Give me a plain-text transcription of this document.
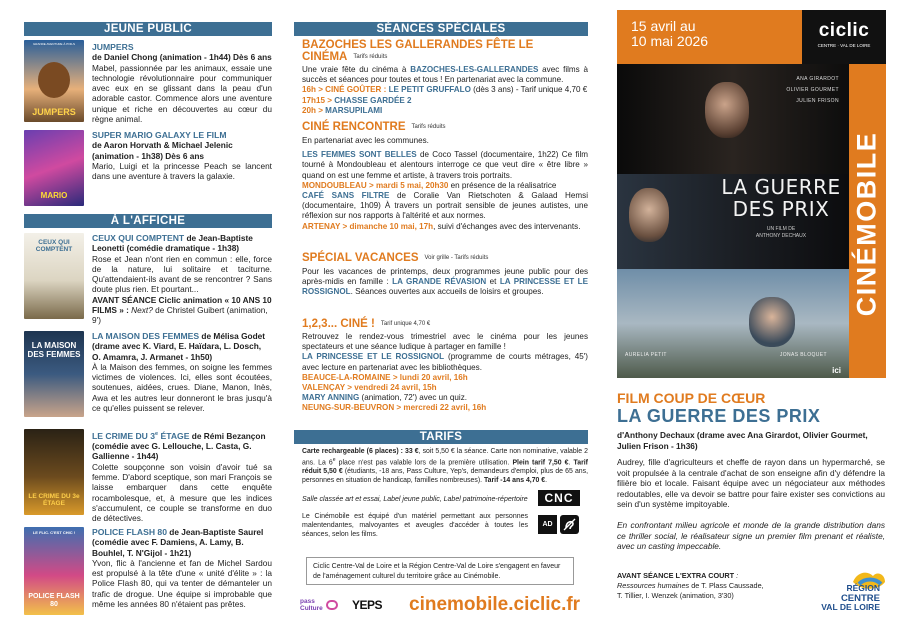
JEUNE PUBLIC
GRANDE AVENTURE À POILS
JUMPERS
JUMPERS
de Daniel Chong (animation - 1h44) Dès 6 ans
Mabel, passionnée par les animaux, essaie une technologie révolutionnaire pour communiquer avec eux en se glissant dans la peau d'un adorable castor. Commence alors une aventure unique et riche en découvertes au cœur du règne animal.
MARIO
SUPER MARIO GALAXY LE FILM
de Aaron Horvath & Michael Jelenic (animation - 1h38) Dès 6 ans
Mario, Luigi et la princesse Peach se lancent dans une aventure à travers la galaxie.
À L'AFFICHE
CEUX QUI COMPTENT
CEUX QUI COMPTENT de Jean-Baptiste Leonetti (comédie dramatique - 1h38)
Rose et Jean n'ont rien en commun : elle, force de la nature, lui solitaire et taciturne. Qu'attendaient-ils avant de se rencontrer ? Sans doute plus rien. Et pourtant...
AVANT SÉANCE Ciclic animation « 10 ANS 10 FILMS » : Next? de Christel Guibert (animation, 9')
LA MAISON DES FEMMES
LA MAISON DES FEMMES de Mélisa Godet (drame avec K. Viard, E. Haïdara, L. Dosch, O. Amamra, J. Armanet - 1h50)
À la Maison des femmes, on soigne les femmes victimes de violences. Ici, elles sont écoutées, soutenues, aidées, crues. Diane, Manon, Inès, Awa et les autres leur donneront le bras jusqu'à ce qu'elles puissent se relever.
LE CRIME DU 3e ÉTAGE
LE CRIME DU 3e ÉTAGE de Rémi Bezançon (comédie avec G. Lellouche, L. Casta, G. Gallienne - 1h44)
Colette soupçonne son voisin d'avoir tué sa femme. D'abord sceptique, son mari François se laisse embarquer dans cette enquête rocambolesque, et, à mesure que les indices s'accumulent, ce couple se transforme en duo de détectives.
LE FLIC. C'EST CHIC !
POLICE FLASH 80
POLICE FLASH 80 de Jean-Baptiste Saurel (comédie avec F. Damiens, A. Lamy, B. Bouhlel, T. N'Gijol - 1h21)
Yvon, flic à l'ancienne et fan de Michel Sardou est propulsé à la tête d'une « unité d'élite » : la Police Flash 80, qui va tenter de démanteler un trafic de drogue. Une équipe si improbable que même les années 80 n'étaient pas prêtes.
SÉANCES SPÉCIALES
BAZOCHES LES GALLERANDES FÊTE LE CINÉMA Tarifs réduits
Une vraie fête du cinéma à BAZOCHES-LES-GALLERANDES avec films à succès et séances pour toutes et tous ! En partenariat avec la commune.
16h > CINÉ GOÛTER : LE PETIT GRUFFALO (dès 3 ans) - Tarif unique 4,70 €
17h15 > CHASSE GARDÉE 2
20h > MARSUPILAMI
CINÉ RENCONTRE Tarifs réduits
En partenariat avec les communes.
LES FEMMES SONT BELLES de Coco Tassel (documentaire, 1h22) Ce film tourné à Mondoubleau et alentours interroge ce que veut dire « être libre » quand on est une femme et artiste, à travers trois portraits.
MONDOUBLEAU > mardi 5 mai, 20h30 en présence de la réalisatrice
CAFÉ SANS FILTRE de Coralie Van Rietschoten & Galaad Hemsi (documentaire, 1h09) À travers un portrait sensible de jeunes autistes, une réflexion sur nos rapports à l'altérité et aux normes.
ARTENAY > dimanche 10 mai, 17h, suivi d'échanges avec des intervenants.
SPÉCIAL VACANCES Voir grille - Tarifs réduits
Pour les vacances de printemps, deux programmes jeune public pour des après-midis en famille : LA GRANDE RÉVASION et LA PRINCESSE ET LE ROSSIGNOL. Séances ouvertes aux accueils de loisirs et groupes.
1,2,3... CINÉ ! Tarif unique 4,70 €
Retrouvez le rendez-vous trimestriel avec le cinéma pour les jeunes spectateurs et une séance ludique à partager en famille !
LA PRINCESSE ET LE ROSSIGNOL (programme de courts métrages, 45') avec lecture en partenariat avec les bibliothèques.
BEAUCE-LA-ROMAINE > lundi 20 avril, 16h
VALENÇAY > vendredi 24 avril, 15h
MARY ANNING (animation, 72') avec un quiz.
NEUNG-SUR-BEUVRON > mercredi 22 avril, 16h
TARIFS
Carte rechargeable (6 places) : 33 €, soit 5,50 € la séance. Carte non nominative, valable 2 ans. La 6e place n'est pas valable lors de la première utilisation. Plein tarif 7,50 €. Tarif réduit 5,50 € (étudiants, -18 ans, Pass Culture, Yep's, demandeurs d'emploi, plus de 65 ans, personnes en situation de handicap, familles nombreuses). Tarif -14 ans 4,70 €.
Salle classée art et essai, Label jeune public, Label patrimoine-répertoire	CNC
Le Cinémobile est équipé d'un matériel permettant aux personnes malentendantes, malvoyantes et aveugles d'accéder à toutes les séances, selon les films.
AD
Ciclic Centre-Val de Loire et la Région Centre-Val de Loire s'engagent en faveur de l'aménagement culturel du territoire grâce au Cinémobile.
pass
Culture YEPS cinemobile.ciclic.fr
15 avril au
10 mai 2026	ciclic
CENTRE · VAL DE LOIRE
ANA GIRARDOT
OLIVIER GOURMET
JULIEN FRISON
LA GUERRE
DES PRIX
UN FILM DE
ANTHONY DECHAUX
AURELIA PETIT	JONAS BLOQUET
ici
CINÉMOBILE
FILM COUP DE CŒUR
LA GUERRE DES PRIX
d'Anthony Dechaux (drame avec Ana Girardot, Olivier Gourmet, Julien Frison - 1h36)
Audrey, fille d'agriculteurs et cheffe de rayon dans un hypermarché, se voit propulsée à la centrale d'achat de son enseigne afin d'y défendre la filière bio et locale. Faisant équipe avec un négociateur aux méthodes redoutables, elle va devoir se battre pour faire exister ses convictions au sein d'un système impitoyable.
En confrontant milieu agricole et monde de la grande distribution dans ce thriller social, le réalisateur signe un premier film prenant et réaliste, avec un casting impeccable.
AVANT SÉANCE L'EXTRA COURT : Ressources humaines de T. Plass Caussade, T. Tillier, I. Wenzek (animation, 3'30)
RÉGION
CENTRE
VAL DE LOIRE
